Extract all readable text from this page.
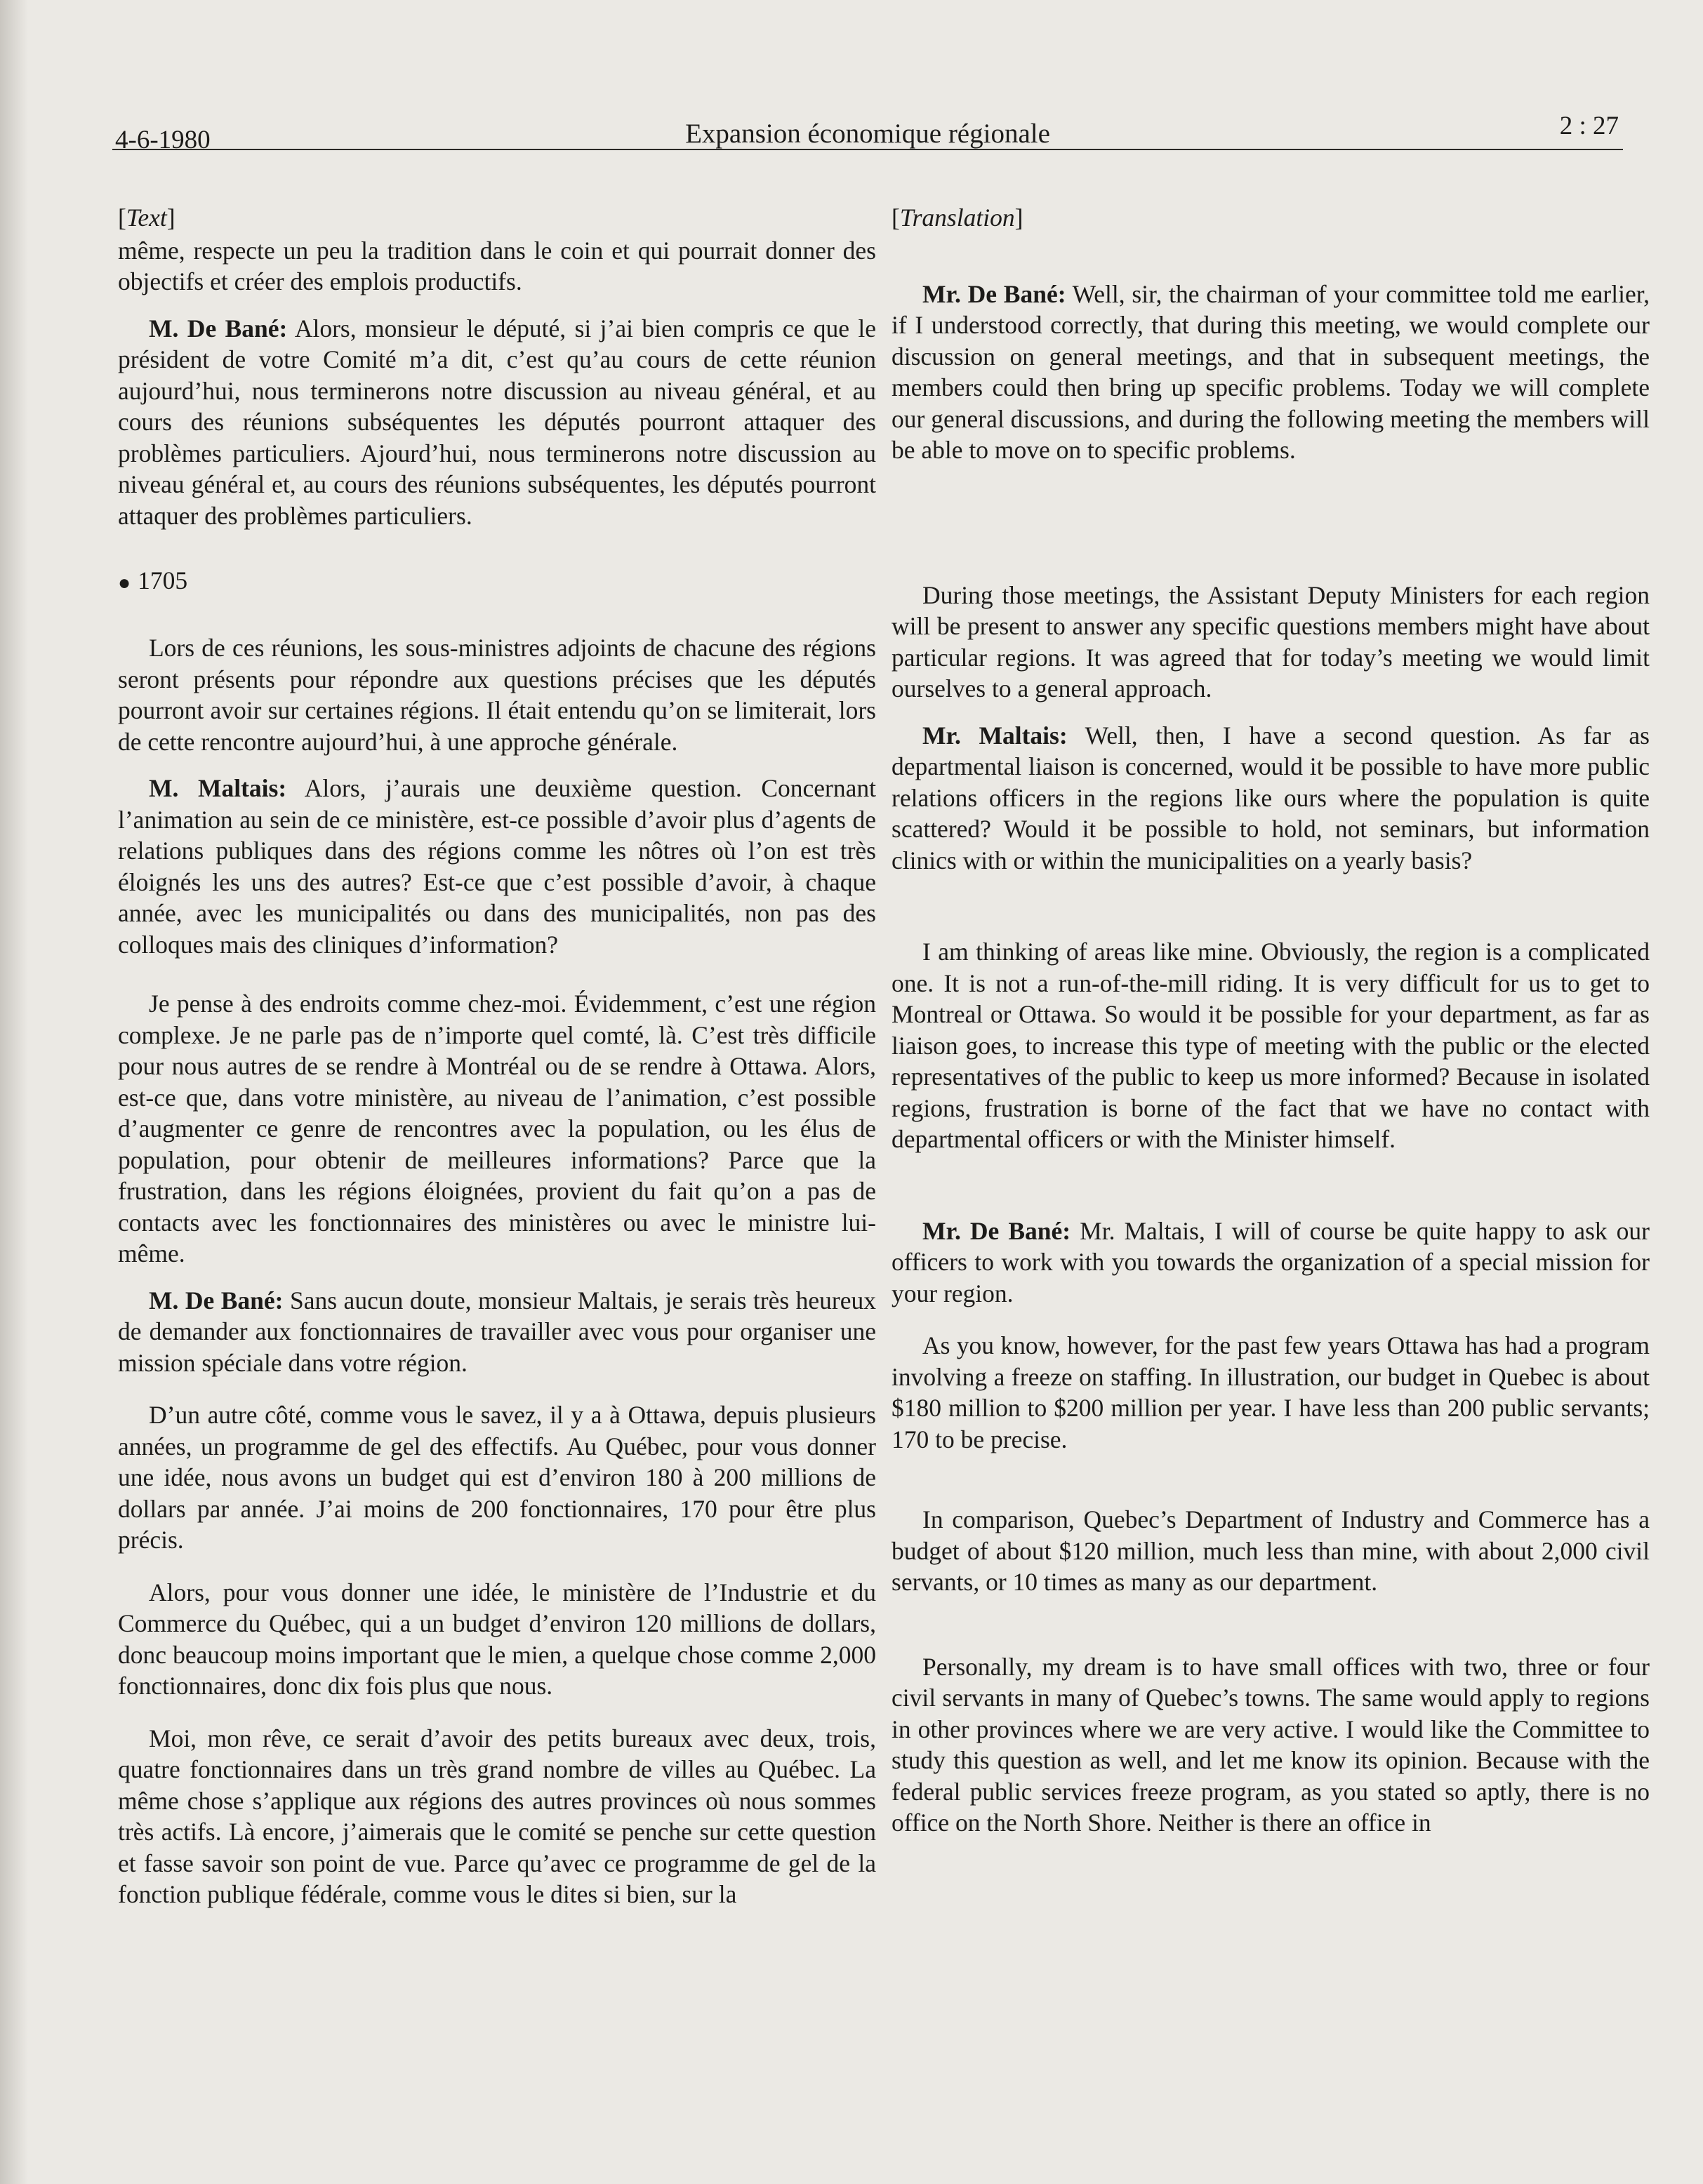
4-6-1980	Expansion économique régionale	2 : 27

[Text]

même, respecte un peu la tradition dans le coin et qui pourrait donner des objectifs et créer des emplois productifs.

M. De Bané: Alors, monsieur le député, si j’ai bien compris ce que le président de votre Comité m’a dit, c’est qu’au cours de cette réunion aujourd’hui, nous terminerons notre discussion au niveau général, et au cours des réunions subséquentes les députés pourront attaquer des problèmes particuliers. Ajourd’hui, nous terminerons notre discussion au niveau général et, au cours des réunions subséquentes, les députés pourront attaquer des problèmes particuliers.

● 1705

Lors de ces réunions, les sous-ministres adjoints de chacune des régions seront présents pour répondre aux questions précises que les députés pourront avoir sur certaines régions. Il était entendu qu’on se limiterait, lors de cette rencontre aujourd’hui, à une approche générale.

M. Maltais: Alors, j’aurais une deuxième question. Concernant l’animation au sein de ce ministère, est-ce possible d’avoir plus d’agents de relations publiques dans des régions comme les nôtres où l’on est très éloignés les uns des autres? Est-ce que c’est possible d’avoir, à chaque année, avec les municipalités ou dans des municipalités, non pas des colloques mais des cliniques d’information?

Je pense à des endroits comme chez-moi. Évidemment, c’est une région complexe. Je ne parle pas de n’importe quel comté, là. C’est très difficile pour nous autres de se rendre à Montréal ou de se rendre à Ottawa. Alors, est-ce que, dans votre ministère, au niveau de l’animation, c’est possible d’augmenter ce genre de rencontres avec la population, ou les élus de population, pour obtenir de meilleures informations? Parce que la frustration, dans les régions éloignées, provient du fait qu’on a pas de contacts avec les fonctionnaires des ministères ou avec le ministre lui-même.

M. De Bané: Sans aucun doute, monsieur Maltais, je serais très heureux de demander aux fonctionnaires de travailler avec vous pour organiser une mission spéciale dans votre région.

D’un autre côté, comme vous le savez, il y a à Ottawa, depuis plusieurs années, un programme de gel des effectifs. Au Québec, pour vous donner une idée, nous avons un budget qui est d’environ 180 à 200 millions de dollars par année. J’ai moins de 200 fonctionnaires, 170 pour être plus précis.

Alors, pour vous donner une idée, le ministère de l’Industrie et du Commerce du Québec, qui a un budget d’environ 120 millions de dollars, donc beaucoup moins important que le mien, a quelque chose comme 2,000 fonctionnaires, donc dix fois plus que nous.

Moi, mon rêve, ce serait d’avoir des petits bureaux avec deux, trois, quatre fonctionnaires dans un très grand nombre de villes au Québec. La même chose s’applique aux régions des autres provinces où nous sommes très actifs. Là encore, j’aimerais que le comité se penche sur cette question et fasse savoir son point de vue. Parce qu’avec ce programme de gel de la fonction publique fédérale, comme vous le dites si bien, sur la

[Translation]

Mr. De Bané: Well, sir, the chairman of your committee told me earlier, if I understood correctly, that during this meeting, we would complete our discussion on general meetings, and that in subsequent meetings, the members could then bring up specific problems. Today we will complete our general discussions, and during the following meeting the members will be able to move on to specific problems.

During those meetings, the Assistant Deputy Ministers for each region will be present to answer any specific questions members might have about particular regions. It was agreed that for today’s meeting we would limit ourselves to a general approach.

Mr. Maltais: Well, then, I have a second question. As far as departmental liaison is concerned, would it be possible to have more public relations officers in the regions like ours where the population is quite scattered? Would it be possible to hold, not seminars, but information clinics with or within the municipalities on a yearly basis?

I am thinking of areas like mine. Obviously, the region is a complicated one. It is not a run-of-the-mill riding. It is very difficult for us to get to Montreal or Ottawa. So would it be possible for your department, as far as liaison goes, to increase this type of meeting with the public or the elected representatives of the public to keep us more informed? Because in isolated regions, frustration is borne of the fact that we have no contact with departmental officers or with the Minister himself.

Mr. De Bané: Mr. Maltais, I will of course be quite happy to ask our officers to work with you towards the organization of a special mission for your region.

As you know, however, for the past few years Ottawa has had a program involving a freeze on staffing. In illustration, our budget in Quebec is about $180 million to $200 million per year. I have less than 200 public servants; 170 to be precise.

In comparison, Quebec’s Department of Industry and Commerce has a budget of about $120 million, much less than mine, with about 2,000 civil servants, or 10 times as many as our department.

Personally, my dream is to have small offices with two, three or four civil servants in many of Quebec’s towns. The same would apply to regions in other provinces where we are very active. I would like the Committee to study this question as well, and let me know its opinion. Because with the federal public services freeze program, as you stated so aptly, there is no office on the North Shore. Neither is there an office in
